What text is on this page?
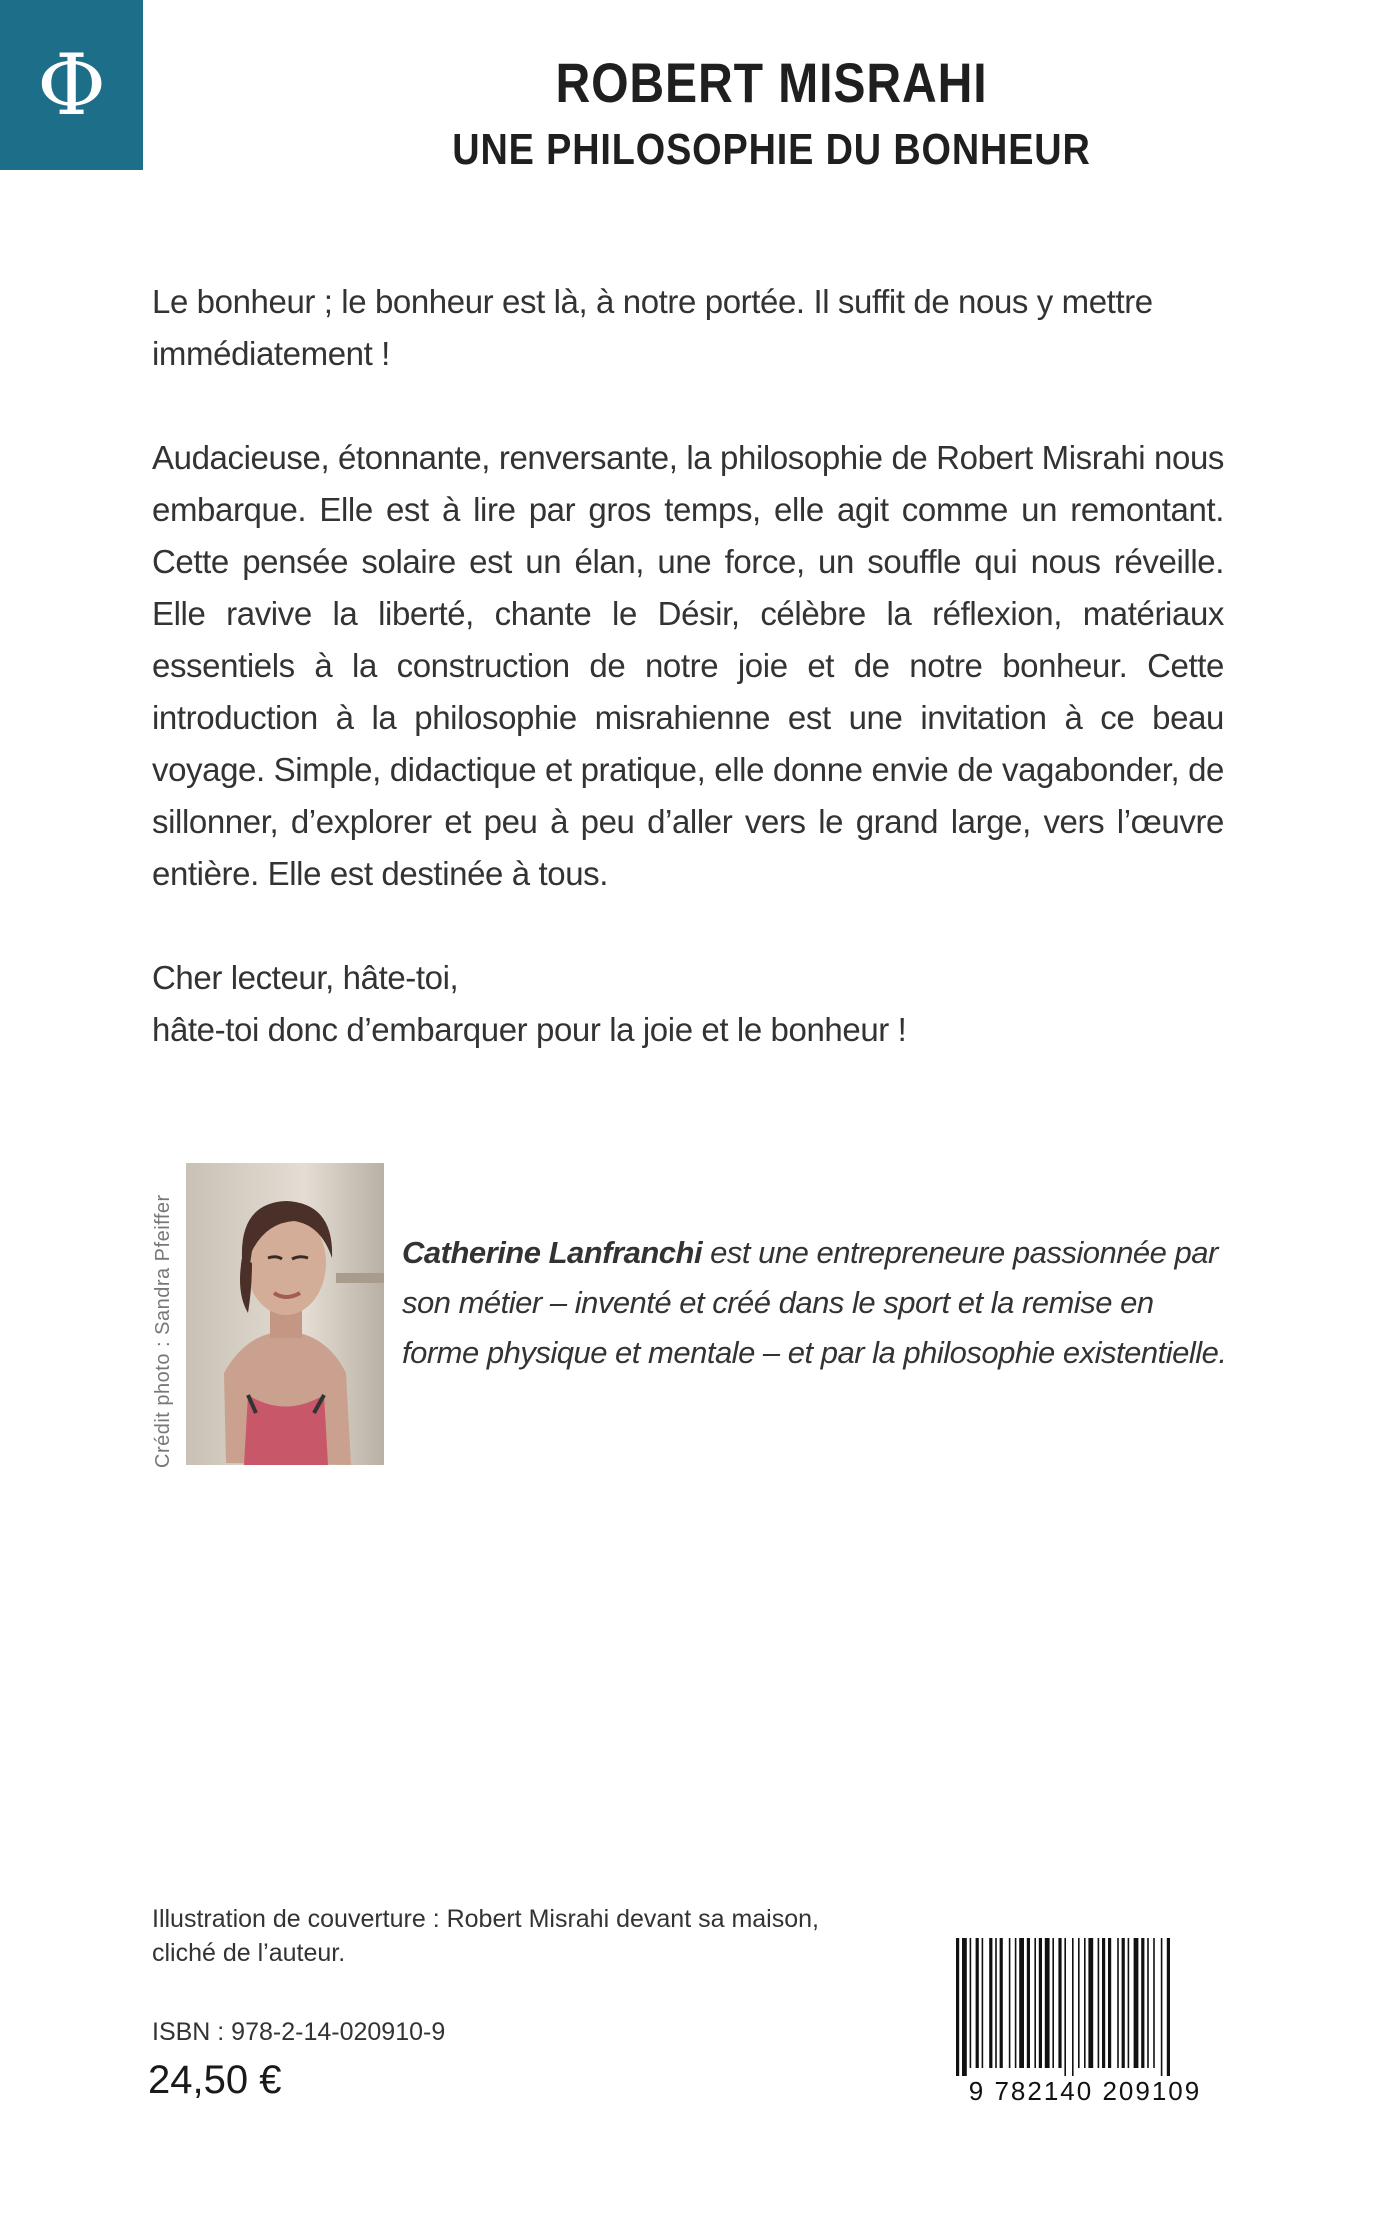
Φ	ROBERT MISRAHI
UNE PHILOSOPHIE DU BONHEUR

Le bonheur ; le bonheur est là, à notre portée. Il suffit de nous y mettre immédiatement !

Audacieuse, étonnante, renversante, la philosophie de Robert Misrahi nous embarque. Elle est à lire par gros temps, elle agit comme un remontant. Cette pensée solaire est un élan, une force, un souffle qui nous réveille. Elle ravive la liberté, chante le Désir, célèbre la réflexion, matériaux essentiels à la construction de notre joie et de notre bonheur. Cette introduction à la philosophie misrahienne est une invitation à ce beau voyage. Simple, didactique et pratique, elle donne envie de vagabonder, de sillonner, d’explorer et peu à peu d’aller vers le grand large, vers l’œuvre entière. Elle est destinée à tous.

Cher lecteur, hâte-toi,
hâte-toi donc d’embarquer pour la joie et le bonheur !

Crédit photo : Sandra Pfeiffer	Catherine Lanfranchi est une entrepreneure passionnée par son métier – inventé et créé dans le sport et la remise en forme physique et mentale – et par la philosophie existentielle.

Illustration de couverture : Robert Misrahi devant sa maison,
cliché de l’auteur.

ISBN : 978-2-14-020910-9
24,50 €	9 782140 209109
